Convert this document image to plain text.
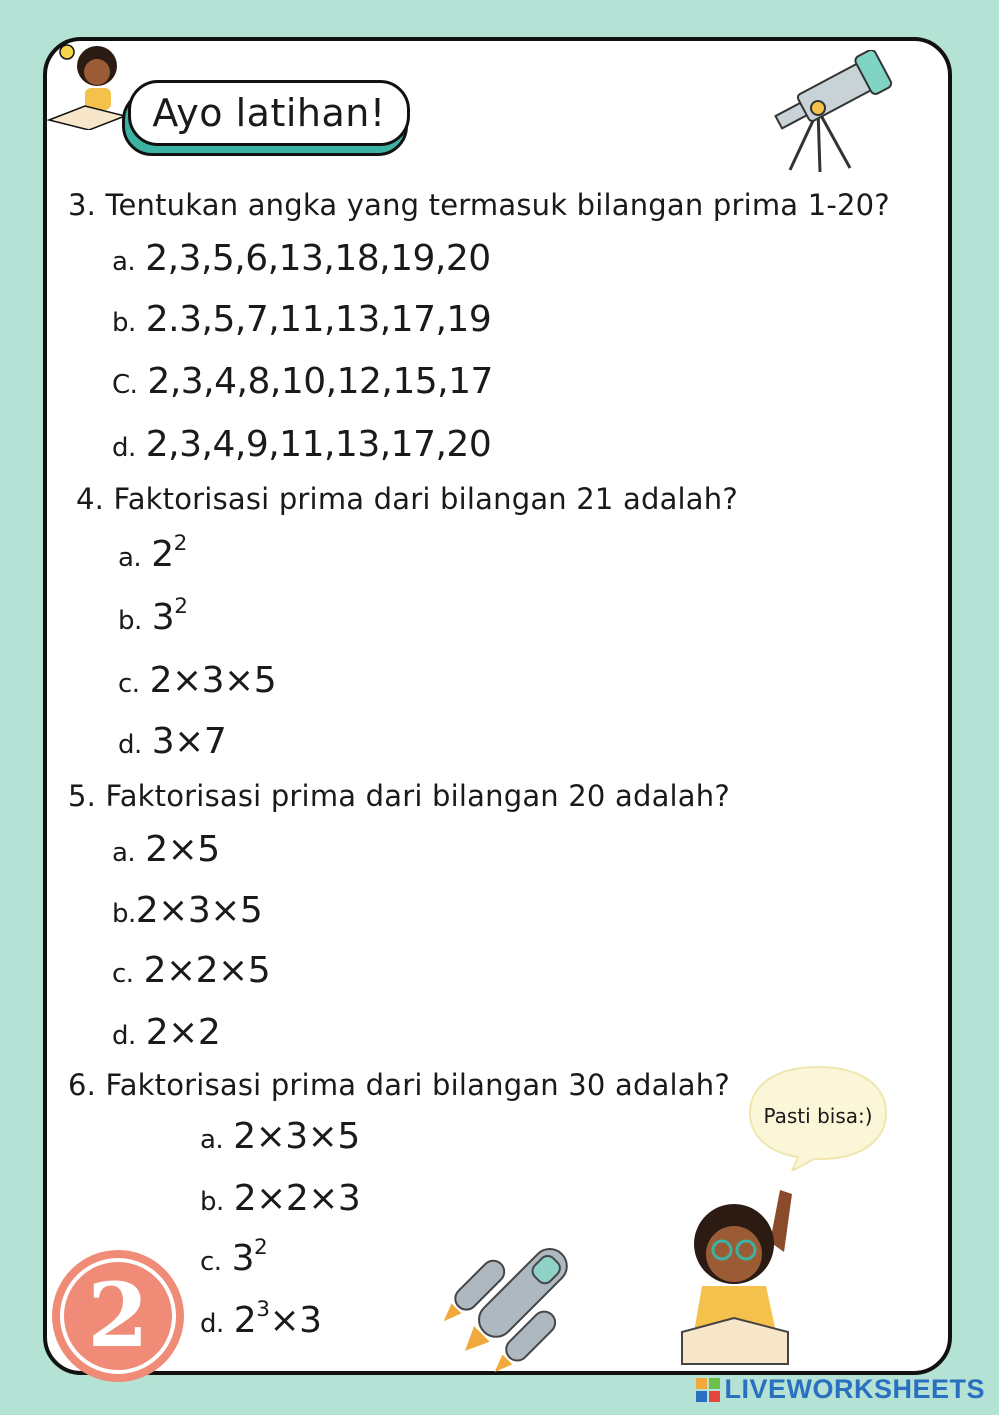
Ayo latihan!
3. Tentukan angka yang termasuk bilangan prima 1-20?
a. 2,3,5,6,13,18,19,20
b. 2.3,5,7,11,13,17,19
C. 2,3,4,8,10,12,15,17
d. 2,3,4,9,11,13,17,20
4. Faktorisasi prima dari bilangan 21 adalah?
a. $2^2$
b. $3^2$
c. 2×3×5
d. 3×7
5. Faktorisasi prima dari bilangan 20 adalah?
a. 2×5
b.2×3×5
c. 2×2×5
d. 2×2
6. Faktorisasi prima dari bilangan 30 adalah?
a. 2×3×5
b. 2×2×3
c. $3^2$
d. $2^3\times 3$
Pasti bisa:)
2
LIVEWORKSHEETS
